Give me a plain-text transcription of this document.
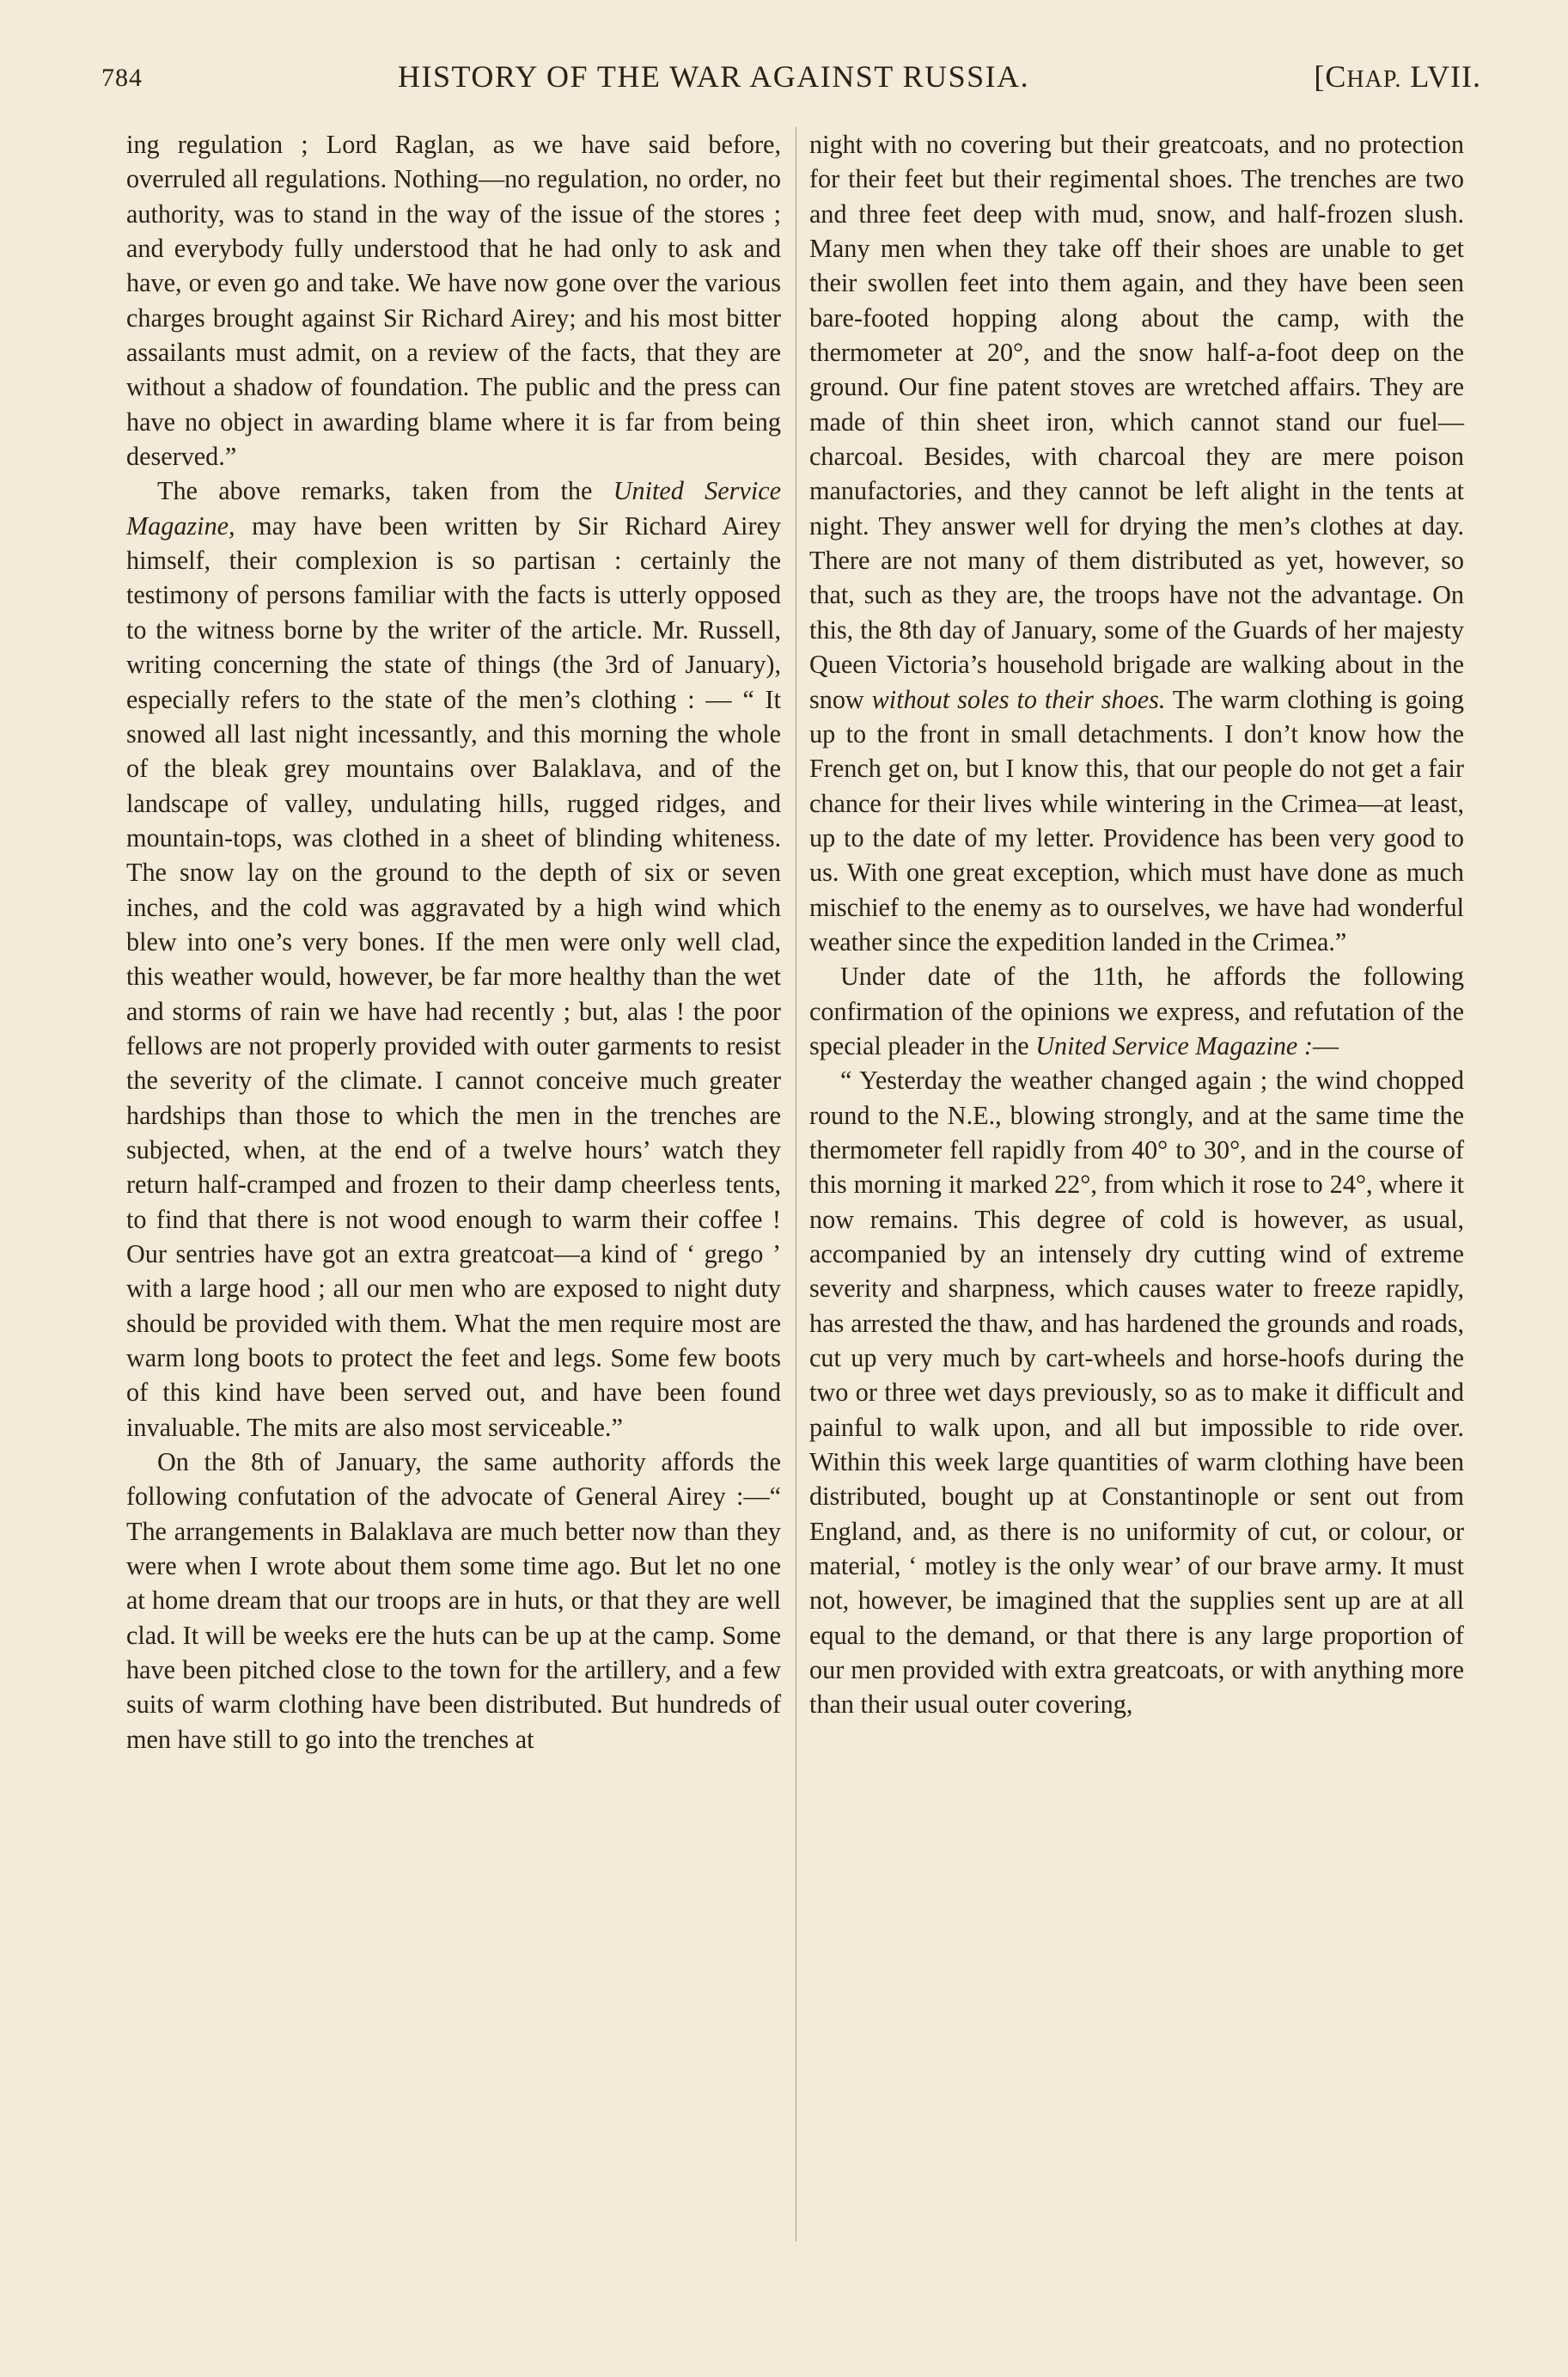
784	HISTORY OF THE WAR AGAINST RUSSIA.	[CHAP. LVII.

ing regulation ; Lord Raglan, as we have said before, overruled all regulations. Nothing—no regulation, no order, no authority, was to stand in the way of the issue of the stores ; and everybody fully understood that he had only to ask and have, or even go and take. We have now gone over the various charges brought against Sir Richard Airey; and his most bitter assailants must admit, on a review of the facts, that they are without a shadow of foundation. The public and the press can have no object in awarding blame where it is far from being deserved.”

The above remarks, taken from the United Service Magazine, may have been written by Sir Richard Airey himself, their complexion is so partisan : certainly the testimony of persons familiar with the facts is utterly opposed to the witness borne by the writer of the article. Mr. Russell, writing concerning the state of things (the 3rd of January), especially refers to the state of the men’s clothing : — “ It snowed all last night incessantly, and this morning the whole of the bleak grey mountains over Balaklava, and of the landscape of valley, undulating hills, rugged ridges, and mountain-tops, was clothed in a sheet of blinding whiteness. The snow lay on the ground to the depth of six or seven inches, and the cold was aggravated by a high wind which blew into one’s very bones. If the men were only well clad, this weather would, however, be far more healthy than the wet and storms of rain we have had recently ; but, alas ! the poor fellows are not properly provided with outer garments to resist the severity of the climate. I cannot conceive much greater hardships than those to which the men in the trenches are subjected, when, at the end of a twelve hours’ watch they return half-cramped and frozen to their damp cheerless tents, to find that there is not wood enough to warm their coffee ! Our sentries have got an extra greatcoat—a kind of ‘ grego ’ with a large hood ; all our men who are exposed to night duty should be provided with them. What the men require most are warm long boots to protect the feet and legs. Some few boots of this kind have been served out, and have been found invaluable. The mits are also most serviceable.”

On the 8th of January, the same authority affords the following confutation of the advocate of General Airey :—“ The arrangements in Balaklava are much better now than they were when I wrote about them some time ago. But let no one at home dream that our troops are in huts, or that they are well clad. It will be weeks ere the huts can be up at the camp. Some have been pitched close to the town for the artillery, and a few suits of warm clothing have been distributed. But hundreds of men have still to go into the trenches at

night with no covering but their greatcoats, and no protection for their feet but their regimental shoes. The trenches are two and three feet deep with mud, snow, and half-frozen slush. Many men when they take off their shoes are unable to get their swollen feet into them again, and they have been seen bare-footed hopping along about the camp, with the thermometer at 20°, and the snow half-a-foot deep on the ground. Our fine patent stoves are wretched affairs. They are made of thin sheet iron, which cannot stand our fuel—charcoal. Besides, with charcoal they are mere poison manufactories, and they cannot be left alight in the tents at night. They answer well for drying the men’s clothes at day. There are not many of them distributed as yet, however, so that, such as they are, the troops have not the advantage. On this, the 8th day of January, some of the Guards of her majesty Queen Victoria’s household brigade are walking about in the snow without soles to their shoes. The warm clothing is going up to the front in small detachments. I don’t know how the French get on, but I know this, that our people do not get a fair chance for their lives while wintering in the Crimea—at least, up to the date of my letter. Providence has been very good to us. With one great exception, which must have done as much mischief to the enemy as to ourselves, we have had wonderful weather since the expedition landed in the Crimea.”

Under date of the 11th, he affords the following confirmation of the opinions we express, and refutation of the special pleader in the United Service Magazine :—

“ Yesterday the weather changed again ; the wind chopped round to the N.E., blowing strongly, and at the same time the thermometer fell rapidly from 40° to 30°, and in the course of this morning it marked 22°, from which it rose to 24°, where it now remains. This degree of cold is however, as usual, accompanied by an intensely dry cutting wind of extreme severity and sharpness, which causes water to freeze rapidly, has arrested the thaw, and has hardened the grounds and roads, cut up very much by cart-wheels and horse-hoofs during the two or three wet days previously, so as to make it difficult and painful to walk upon, and all but impossible to ride over. Within this week large quantities of warm clothing have been distributed, bought up at Constantinople or sent out from England, and, as there is no uniformity of cut, or colour, or material, ‘ motley is the only wear’ of our brave army. It must not, however, be imagined that the supplies sent up are at all equal to the demand, or that there is any large proportion of our men provided with extra greatcoats, or with anything more than their usual outer covering,
